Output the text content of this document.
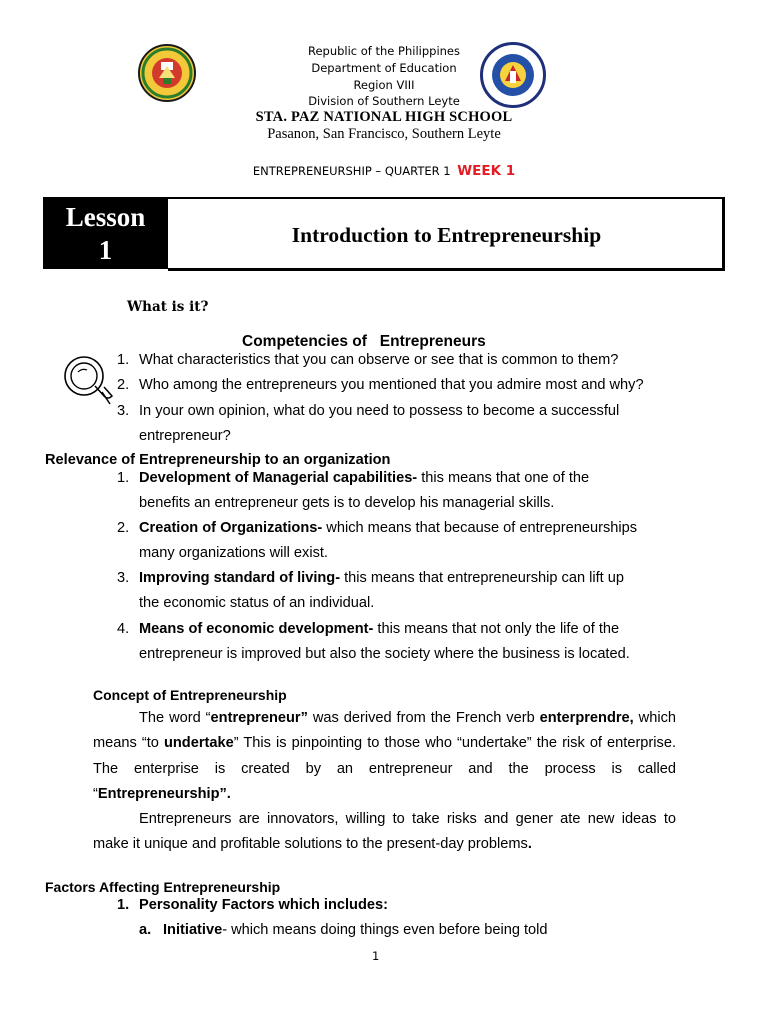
Republic of the Philippines
Department of Education
Region VIII
Division of Southern Leyte
STA. PAZ NATIONAL HIGH SCHOOL
Pasanon, San Francisco, Southern Leyte
ENTREPRENEURSHIP – QUARTER 1 WEEK 1
Lesson
1	Introduction to Entrepreneurship
What is it?
Competencies of   Entrepreneurs
1. What characteristics that you can observe or see that is common to them?
2. Who among the entrepreneurs you mentioned that you admire most and why?
3. In your own opinion, what do you need to possess to become a successful
entrepreneur?
Relevance of Entrepreneurship to an organization
1. Development of Managerial capabilities- this means that one of the
benefits an entrepreneur gets is to develop his managerial skills.
2. Creation of Organizations- which means that because of entrepreneurships
many organizations will exist.
3. Improving standard of living- this means that entrepreneurship can lift up
the economic status of an individual.
4. Means of economic development- this means that not only the life of the
entrepreneur is improved but also the society where the business is located.
Concept of Entrepreneurship
The word “entrepreneur” was derived from the French verb enterprendre, which means “to undertake” This is pinpointing to those who “undertake” the risk of enterprise. The enterprise is created by an entrepreneur and the process is called “Entrepreneurship”.
Entrepreneurs are innovators, willing to take risks and gener ate new ideas to make it unique and profitable solutions to the present-day problems.
Factors Affecting Entrepreneurship
1. Personality Factors which includes:
a. Initiative- which means doing things even before being told
1
